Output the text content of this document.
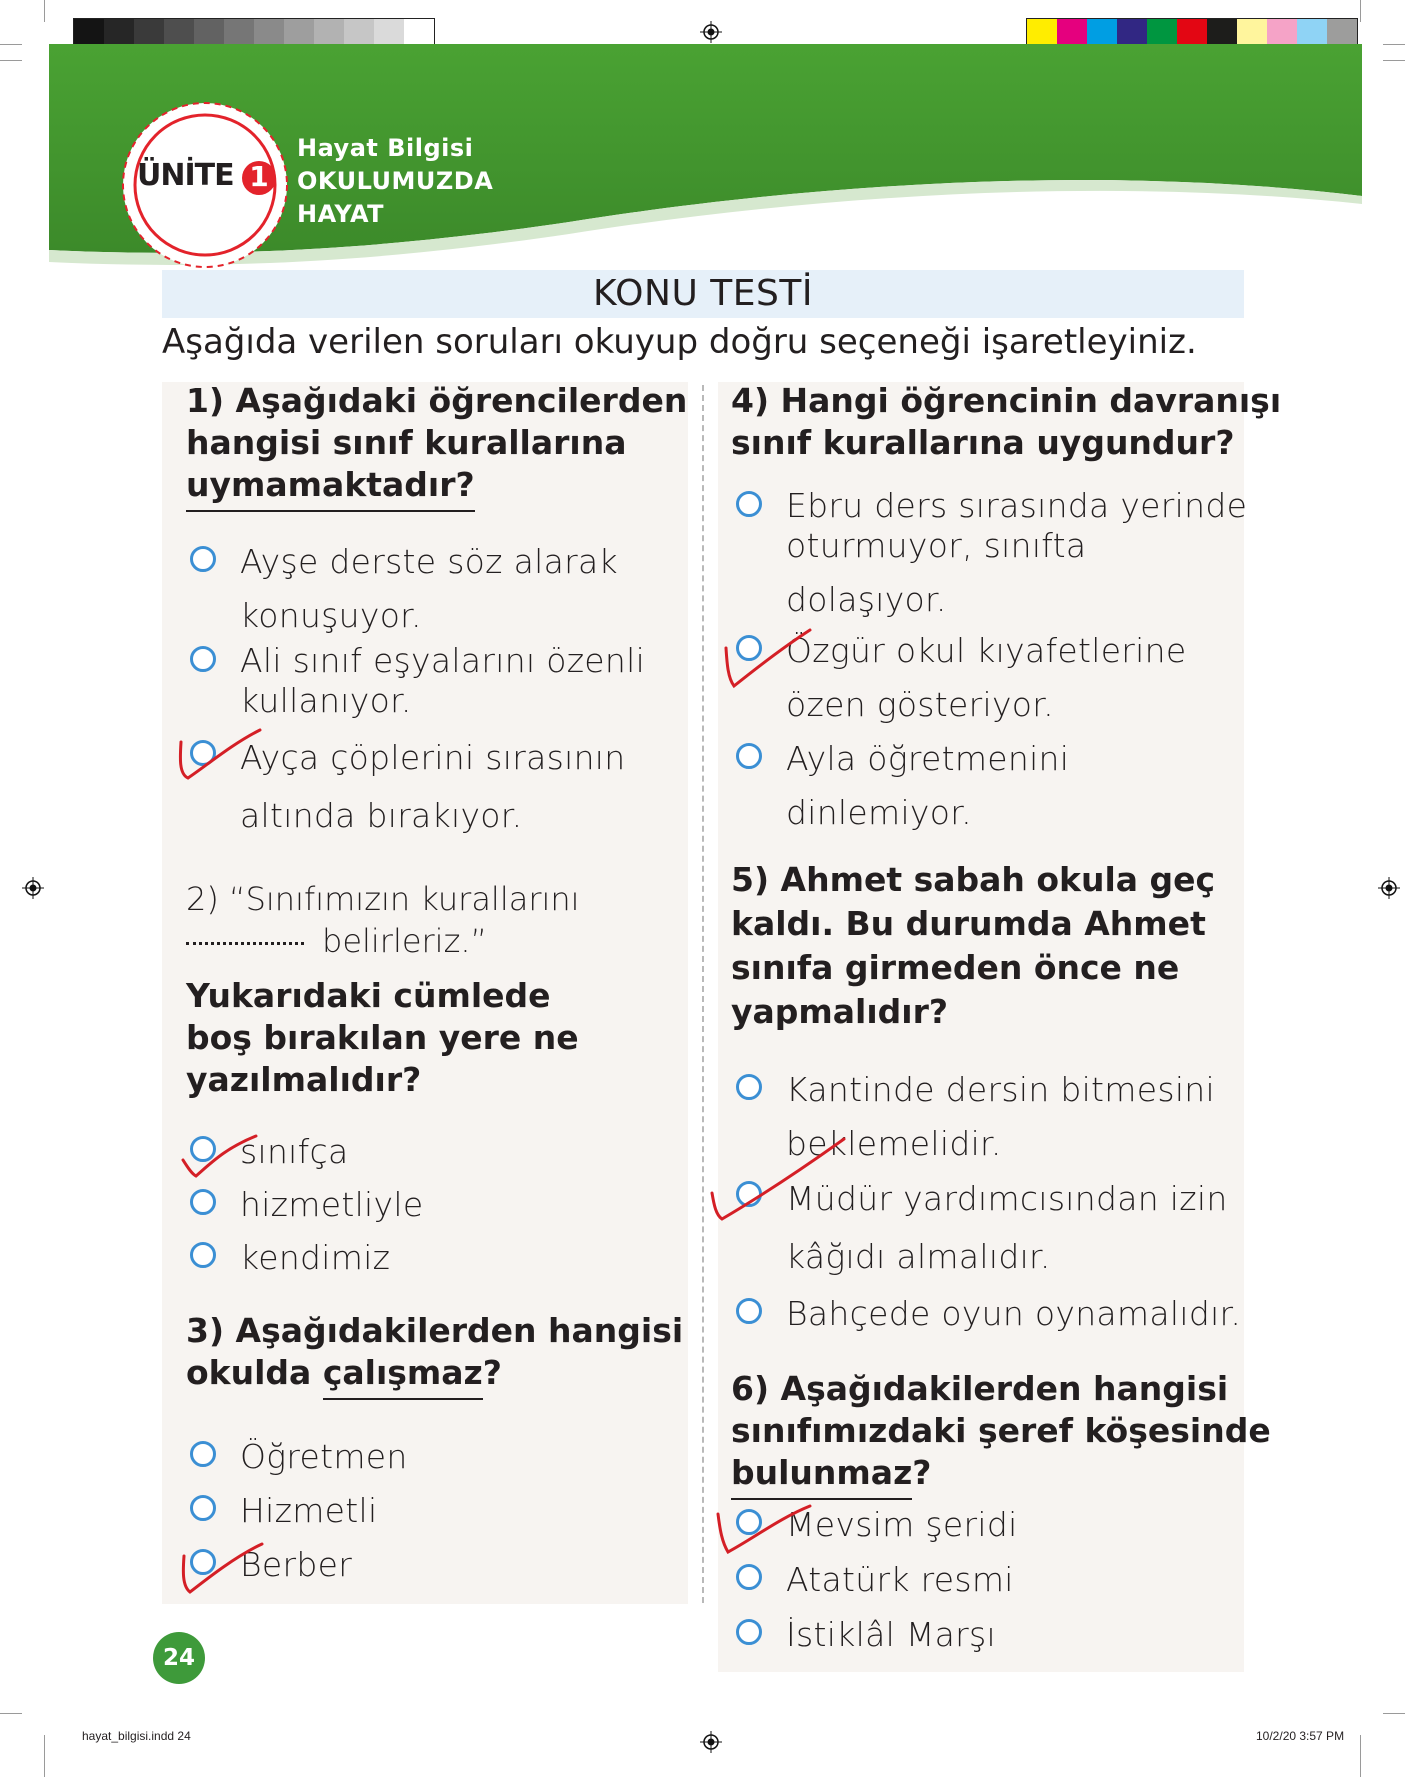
ÜNİTE 1
Hayat Bilgisi
OKULUMUZDA
HAYAT
KONU TESTİ
Aşağıda verilen soruları okuyup doğru seçeneği işaretleyiniz.
1) Aşağıdaki öğrencilerden
hangisi sınıf kurallarına
uymamaktadır?
Ayşe derste söz alarak
konuşuyor.
Ali sınıf eşyalarını özenli
kullanıyor.
Ayça çöplerini sırasının
altında bırakıyor.
2) “Sınıfımızın kurallarını
belirleriz.”
Yukarıdaki cümlede
boş bırakılan yere ne
yazılmalıdır?
sınıfça
hizmetliyle
kendimiz
3) Aşağıdakilerden hangisi
okulda çalışmaz?
Öğretmen
Hizmetli
Berber
4) Hangi öğrencinin davranışı
sınıf kurallarına uygundur?
Ebru ders sırasında yerinde
oturmuyor, sınıfta
dolaşıyor.
Özgür okul kıyafetlerine
özen gösteriyor.
Ayla öğretmenini
dinlemiyor.
5) Ahmet sabah okula geç
kaldı. Bu durumda Ahmet
sınıfa girmeden önce ne
yapmalıdır?
Kantinde dersin bitmesini
beklemelidir.
Müdür yardımcısından izin
kâğıdı almalıdır.
Bahçede oyun oynamalıdır.
6) Aşağıdakilerden hangisi
sınıfımızdaki şeref köşesinde
bulunmaz?
Mevsim şeridi
Atatürk resmi
İstiklâl Marşı
24
hayat_bilgisi.indd 24	10/2/20 3:57 PM
